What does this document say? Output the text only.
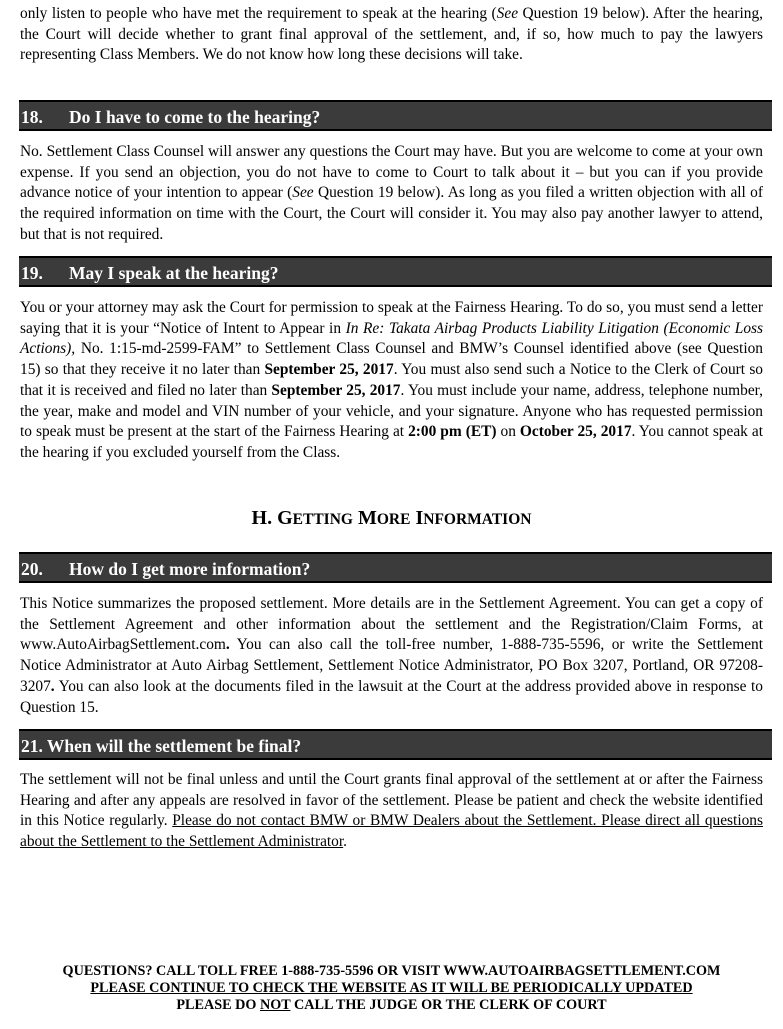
only listen to people who have met the requirement to speak at the hearing (See Question 19 below). After the hearing, the Court will decide whether to grant final approval of the settlement, and, if so, how much to pay the lawyers representing Class Members. We do not know how long these decisions will take.

18. Do I have to come to the hearing?

No. Settlement Class Counsel will answer any questions the Court may have. But you are welcome to come at your own expense. If you send an objection, you do not have to come to Court to talk about it – but you can if you provide advance notice of your intention to appear (See Question 19 below). As long as you filed a written objection with all of the required information on time with the Court, the Court will consider it. You may also pay another lawyer to attend, but that is not required.

19. May I speak at the hearing?

You or your attorney may ask the Court for permission to speak at the Fairness Hearing. To do so, you must send a letter saying that it is your “Notice of Intent to Appear in In Re: Takata Airbag Products Liability Litigation (Economic Loss Actions), No. 1:15-md-2599-FAM” to Settlement Class Counsel and BMW’s Counsel identified above (see Question 15) so that they receive it no later than September 25, 2017. You must also send such a Notice to the Clerk of Court so that it is received and filed no later than September 25, 2017. You must include your name, address, telephone number, the year, make and model and VIN number of your vehicle, and your signature. Anyone who has requested permission to speak must be present at the start of the Fairness Hearing at 2:00 pm (ET) on October 25, 2017. You cannot speak at the hearing if you excluded yourself from the Class.

H. GETTING MORE INFORMATION
20. How do I get more information?

This Notice summarizes the proposed settlement. More details are in the Settlement Agreement. You can get a copy of the Settlement Agreement and other information about the settlement and the Registration/Claim Forms, at www.AutoAirbagSettlement.com. You can also call the toll-free number, 1-888-735-5596, or write the Settlement Notice Administrator at Auto Airbag Settlement, Settlement Notice Administrator, PO Box 3207, Portland, OR 97208-3207. You can also look at the documents filed in the lawsuit at the Court at the address provided above in response to Question 15.

21. When will the settlement be final?

The settlement will not be final unless and until the Court grants final approval of the settlement at or after the Fairness Hearing and after any appeals are resolved in favor of the settlement. Please be patient and check the website identified in this Notice regularly. Please do not contact BMW or BMW Dealers about the Settlement. Please direct all questions about the Settlement to the Settlement Administrator.

QUESTIONS? CALL TOLL FREE 1-888-735-5596 OR VISIT WWW.AUTOAIRBAGSETTLEMENT.COM
PLEASE CONTINUE TO CHECK THE WEBSITE AS IT WILL BE PERIODICALLY UPDATED
PLEASE DO NOT CALL THE JUDGE OR THE CLERK OF COURT
